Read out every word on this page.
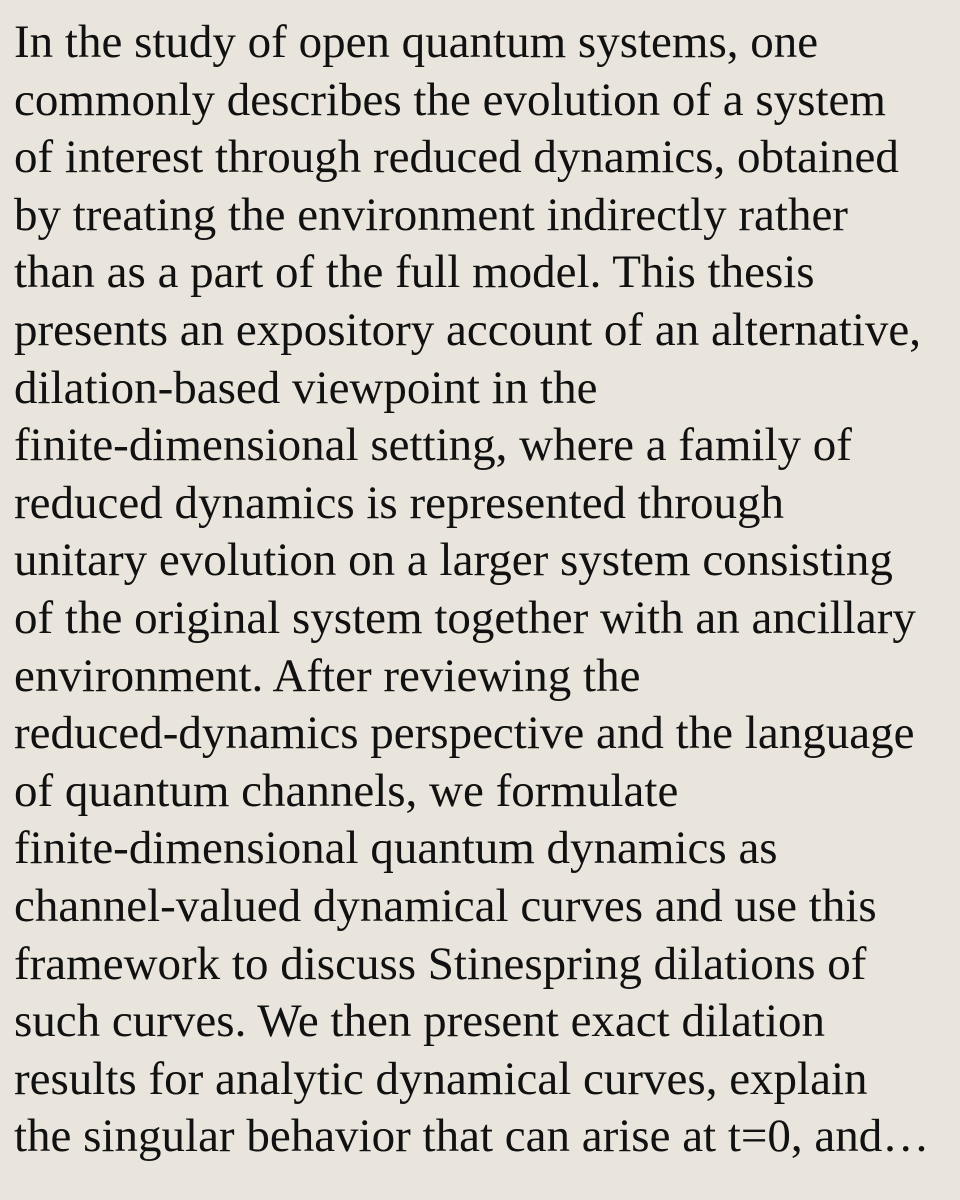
In the study of open quantum systems, one
commonly describes the evolution of a system
of interest through reduced dynamics, obtained
by treating the environment indirectly rather
than as a part of the full model. This thesis
presents an expository account of an alternative,
dilation-based viewpoint in the
finite-dimensional setting, where a family of
reduced dynamics is represented through
unitary evolution on a larger system consisting
of the original system together with an ancillary
environment. After reviewing the
reduced-dynamics perspective and the language
of quantum channels, we formulate
finite-dimensional quantum dynamics as
channel-valued dynamical curves and use this
framework to discuss Stinespring dilations of
such curves. We then present exact dilation
results for analytic dynamical curves, explain
the singular behavior that can arise at t=0, and…
